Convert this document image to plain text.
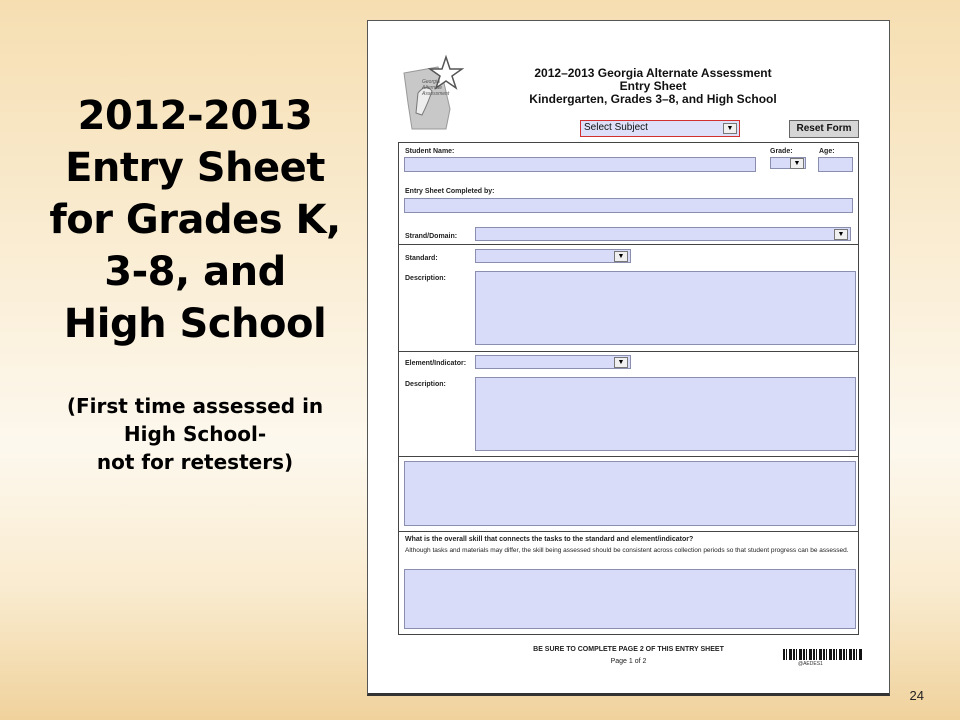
2012-2013
Entry Sheet
for Grades K,
3-8, and
High School
(First time assessed in
High School-
not for retesters)
24
Georgia Alternate Assessment
2012–2013 Georgia Alternate Assessment
Entry Sheet
Kindergarten, Grades 3–8, and High School
Select Subject	▼	Reset Form
Student Name:	Grade:	Age:
▼
Entry Sheet Completed by:
Strand/Domain:	▼
Standard:	▼
Description:
Element/Indicator:	▼
Description:
What is the overall skill that connects the tasks to the standard and element/indicator?
Although tasks and materials may differ, the skill being assessed should be consistent across collection periods so that student progress can be assessed.
BE SURE TO COMPLETE PAGE 2 OF THIS ENTRY SHEET
Page 1 of 2	@AEDES1
